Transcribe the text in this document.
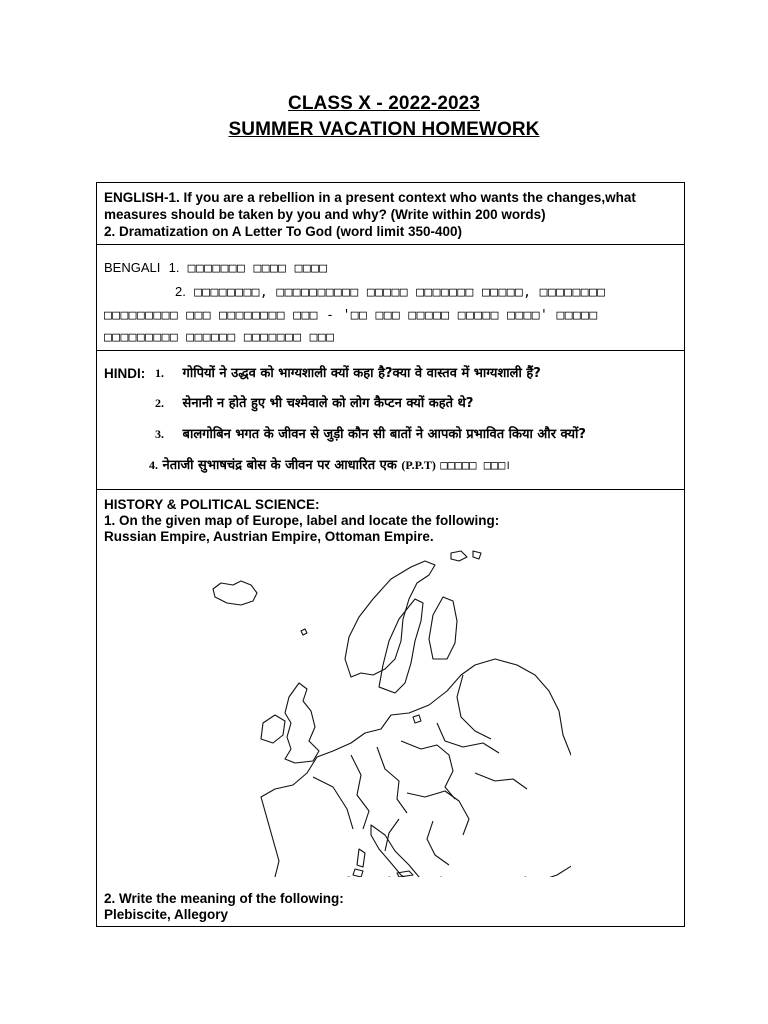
CLASS X - 2022-2023
SUMMER VACATION HOMEWORK
ENGLISH-1. If you are a rebellion in a present context who wants the changes,what
measures should be taken by you and why? (Write within 200 words)
2. Dramatization on A Letter To God (word limit 350-400)
BENGALI 1. □□□□□□□ □□□□ □□□□
2. □□□□□□□□, □□□□□□□□□□ □□□□□ □□□□□□□ □□□□□, □□□□□□□□
□□□□□□□□□ □□□ □□□□□□□□ □□□ - '□□ □□□ □□□□□ □□□□□ □□□□' □□□□□
□□□□□□□□□ □□□□□□ □□□□□□□ □□□
HINDI: 1. गोपियों ने उद्धव को भाग्यशाली क्यों कहा है?क्या वे वास्तव में भाग्यशाली हैं?
2. सेनानी न होते हुए भी चश्मेवाले को लोग कैप्टन क्यों कहते थे?
3. बालगोबिन भगत के जीवन से जुड़ी कौन सी बातों ने आपको प्रभावित किया और क्यों?
4. नेताजी सुभाषचंद्र बोस के जीवन पर आधारित एक (P.P.T) □□□□□ □□□।
HISTORY & POLITICAL SCIENCE:
1. On the given map of Europe, label and locate the following:
Russian Empire, Austrian Empire, Ottoman Empire.
2. Write the meaning of the following:
Plebiscite, Allegory
